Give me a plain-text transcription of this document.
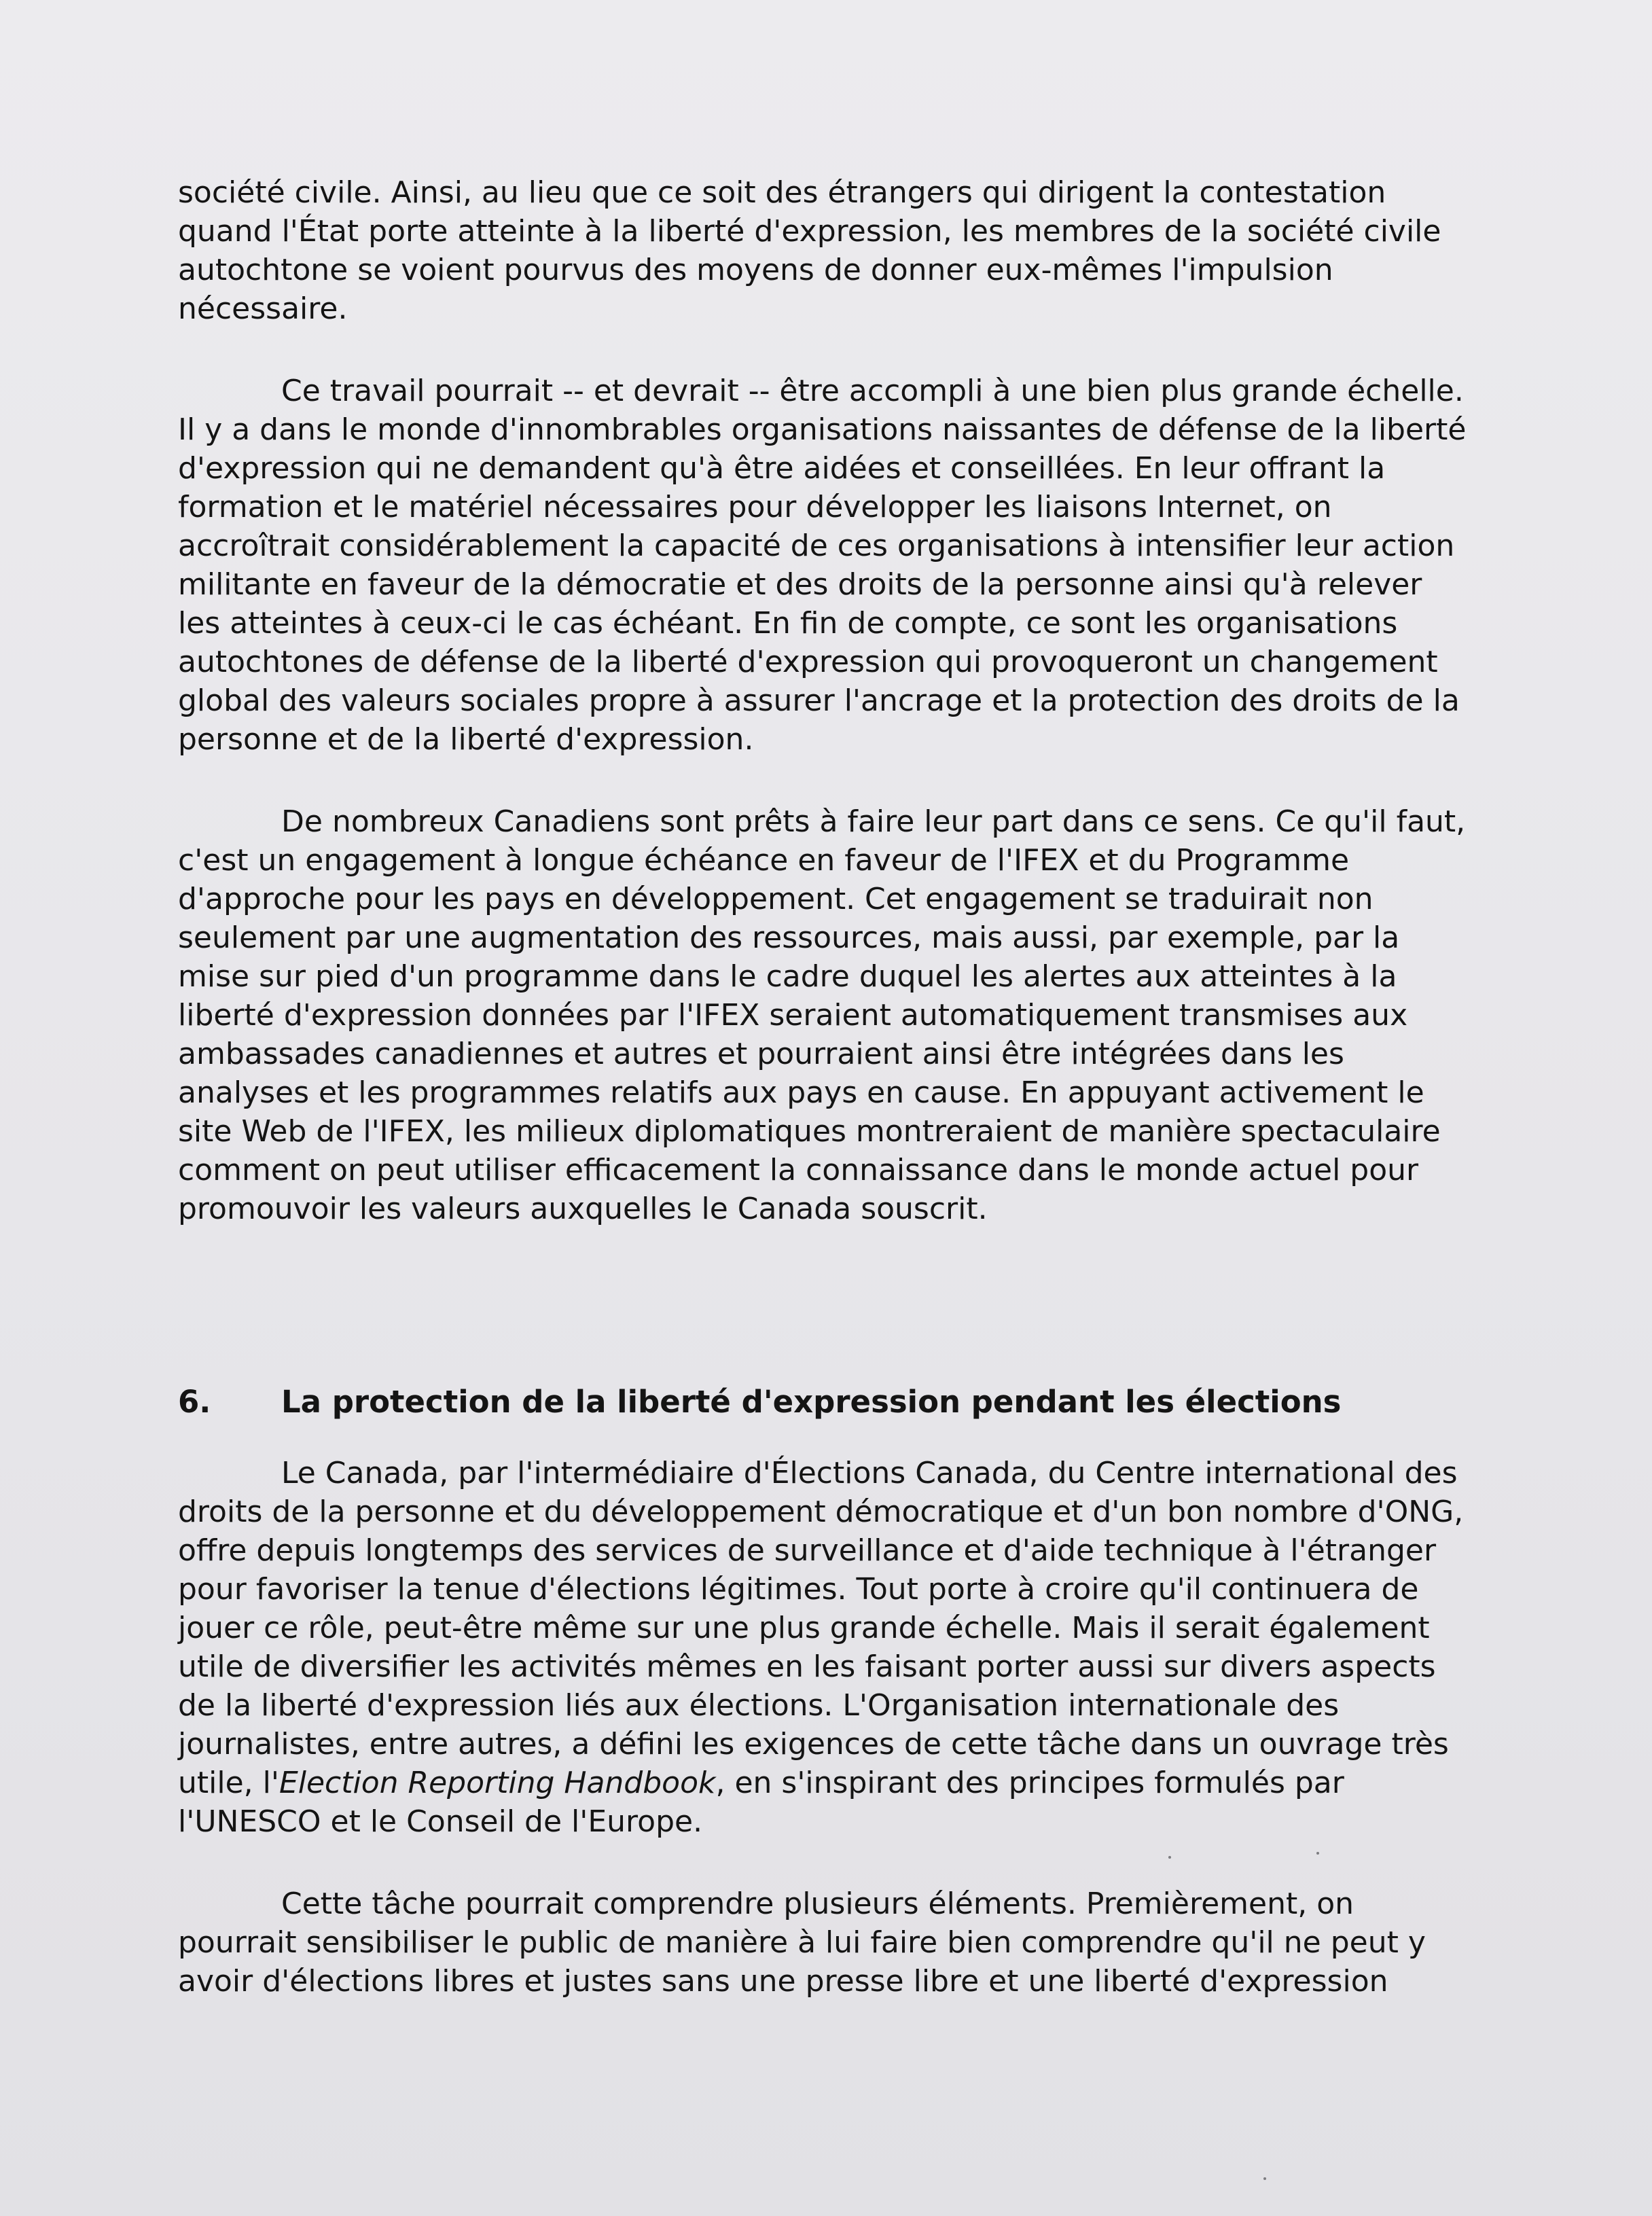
société civile. Ainsi, au lieu que ce soit des étrangers qui dirigent la contestation quand l'État porte atteinte à la liberté d'expression, les membres de la société civile autochtone se voient pourvus des moyens de donner eux-mêmes l'impulsion nécessaire.

Ce travail pourrait -- et devrait -- être accompli à une bien plus grande échelle. Il y a dans le monde d'innombrables organisations naissantes de défense de la liberté d'expression qui ne demandent qu'à être aidées et conseillées. En leur offrant la formation et le matériel nécessaires pour développer les liaisons Internet, on accroîtrait considérablement la capacité de ces organisations à intensifier leur action militante en faveur de la démocratie et des droits de la personne ainsi qu'à relever les atteintes à ceux-ci le cas échéant. En fin de compte, ce sont les organisations autochtones de défense de la liberté d'expression qui provoqueront un changement global des valeurs sociales propre à assurer l'ancrage et la protection des droits de la personne et de la liberté d'expression.

De nombreux Canadiens sont prêts à faire leur part dans ce sens. Ce qu'il faut, c'est un engagement à longue échéance en faveur de l'IFEX et du Programme d'approche pour les pays en développement. Cet engagement se traduirait non seulement par une augmentation des ressources, mais aussi, par exemple, par la mise sur pied d'un programme dans le cadre duquel les alertes aux atteintes à la liberté d'expression données par l'IFEX seraient automatiquement transmises aux ambassades canadiennes et autres et pourraient ainsi être intégrées dans les analyses et les programmes relatifs aux pays en cause. En appuyant activement le site Web de l'IFEX, les milieux diplomatiques montreraient de manière spectaculaire comment on peut utiliser efficacement la connaissance dans le monde actuel pour promouvoir les valeurs auxquelles le Canada souscrit.

6. La protection de la liberté d'expression pendant les élections

Le Canada, par l'intermédiaire d'Élections Canada, du Centre international des droits de la personne et du développement démocratique et d'un bon nombre d'ONG, offre depuis longtemps des services de surveillance et d'aide technique à l'étranger pour favoriser la tenue d'élections légitimes. Tout porte à croire qu'il continuera de jouer ce rôle, peut-être même sur une plus grande échelle. Mais il serait également utile de diversifier les activités mêmes en les faisant porter aussi sur divers aspects de la liberté d'expression liés aux élections. L'Organisation internationale des journalistes, entre autres, a défini les exigences de cette tâche dans un ouvrage très utile, l'Election Reporting Handbook, en s'inspirant des principes formulés par l'UNESCO et le Conseil de l'Europe.

Cette tâche pourrait comprendre plusieurs éléments. Premièrement, on pourrait sensibiliser le public de manière à lui faire bien comprendre qu'il ne peut y avoir d'élections libres et justes sans une presse libre et une liberté d'expression
